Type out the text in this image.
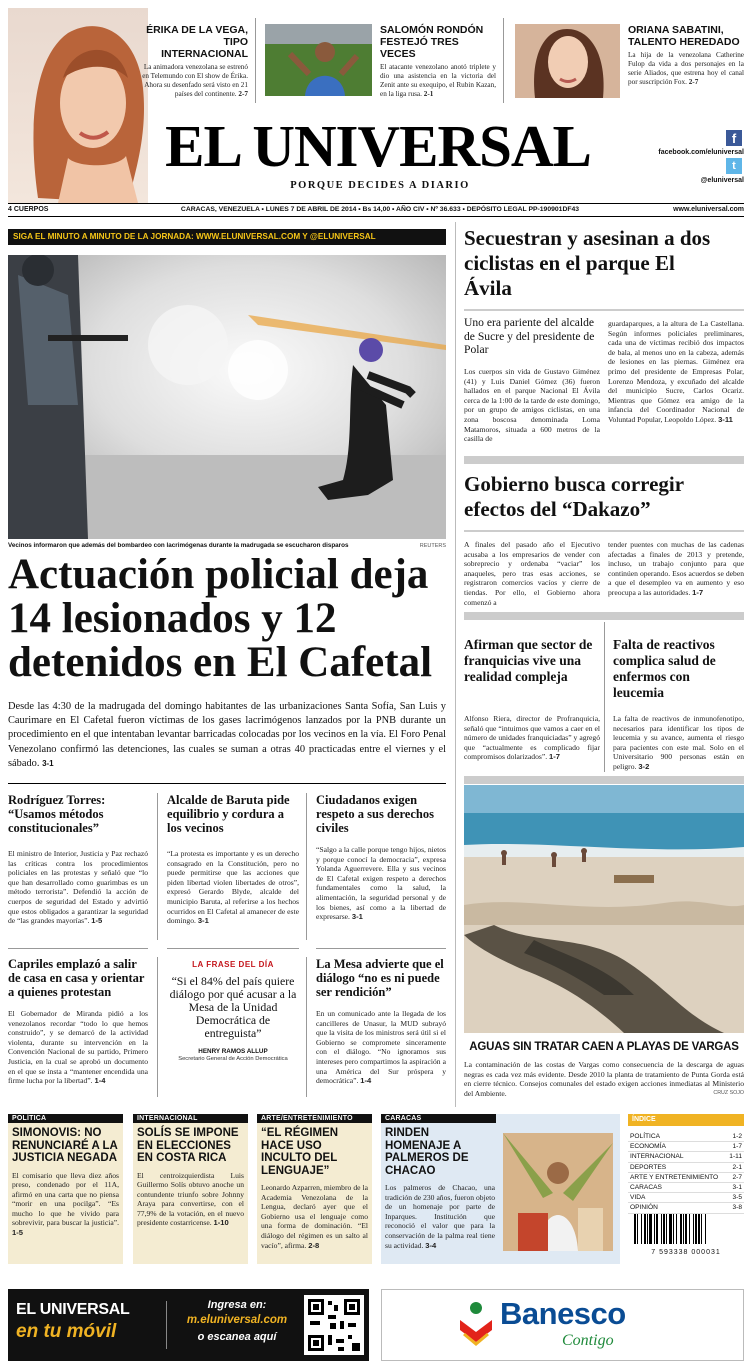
ÉRIKA DE LA VEGA, TIPO INTERNACIONAL
La animadora venezolana se estrenó en Telemundo con El show de Érika. Ahora su desenfado será visto en 21 países del continente. 2-7
SALOMÓN RONDÓN FESTEJÓ TRES VECES
El atacante venezolano anotó triplete y dio una asistencia en la victoria del Zenit ante su exequipo, el Rubin Kazan, en la liga rusa. 2-1
ORIANA SABATINI, TALENTO HEREDADO
La hija de la venezolana Catherine Fulop da vida a dos personajes en la serie Aliados, que estrena hoy el canal por suscripción Fox. 2-7
EL UNIVERSAL
PORQUE DECIDES A DIARIO
f
facebook.com/eluniversal
t
@eluniversal
4 CUERPOS	CARACAS, VENEZUELA • LUNES 7 DE ABRIL DE 2014 • Bs 14,00 • AÑO CIV • Nº 36.633 • DEPÓSITO LEGAL PP-190901DF43	www.eluniversal.com
SIGA EL MINUTO A MINUTO DE LA JORNADA: WWW.ELUNIVERSAL.COM Y @ELUNIVERSAL
Vecinos informaron que además del bombardeo con lacrimógenas durante la madrugada se escucharon disparos	REUTERS
Actuación policial deja 14 lesionados y 12 detenidos en El Cafetal
Desde las 4:30 de la madrugada del domingo habitantes de las urbanizaciones Santa Sofía, San Luis y Caurimare en El Cafetal fueron víctimas de los gases lacrimógenos lanzados por la PNB durante un procedimiento en el que intentaban levantar barricadas colocadas por los vecinos en la vía. El Foro Penal Venezolano confirmó las detenciones, las cuales se suman a otras 40 practicadas entre el viernes y el sábado. 3-1
Rodríguez Torres: “Usamos métodos constitucionales”
El ministro de Interior, Justicia y Paz rechazó las críticas contra los procedimientos policiales en las protestas y señaló que “lo que han desarrollado como guarimbas es un método terrorista”. Defendió la acción de cuerpos de seguridad del Estado y advirtió que estos obligados a garantizar la seguridad de “las grandes mayorías”. 1-5
Alcalde de Baruta pide equilibrio y cordura a los vecinos
“La protesta es importante y es un derecho consagrado en la Constitución, pero no puede permitirse que las acciones que piden libertad violen libertades de otros”, expresó Gerardo Blyde, alcalde del municipio Baruta, al referirse a los hechos ocurridos en El Cafetal al amanecer de este domingo. 3-1
Ciudadanos exigen respeto a sus derechos civiles
“Salgo a la calle porque tengo hijos, nietos y porque conocí la democracia”, expresa Yolanda Aguerrevere. Ella y sus vecinos de El Cafetal exigen respeto a derechos fundamentales como la salud, la alimentación, la seguridad personal y de los bienes, así como a la libertad de expresarse. 3-1
Capriles emplazó a salir de casa en casa y orientar a quienes protestan
El Gobernador de Miranda pidió a los venezolanos recordar “todo lo que hemos construido”, y se demarcó de la actividad violenta, durante su intervención en la Convención Nacional de su partido, Primero Justicia, en la cual se aprobó un documento en el que se insta a “mantener encendida una firme lucha por la libertad”. 1-4
LA FRASE DEL DÍA
“Si el 84% del país quiere diálogo por qué acusar a la Mesa de la Unidad Democrática de entreguista”
HENRY RAMOS ALLUP
Secretario General de Acción Democrática
La Mesa advierte que el diálogo “no es ni puede ser rendición”
En un comunicado ante la llegada de los cancilleres de Unasur, la MUD subrayó que la visita de los ministros será útil si el Gobierno se compromete sinceramente con el diálogo. “No ignoramos sus intereses pero compartimos la aspiración a una América del Sur próspera y democrática”. 1-4
Secuestran y asesinan a dos ciclistas en el parque El Ávila
Uno era pariente del alcalde de Sucre y del presidente de Polar
Los cuerpos sin vida de Gustavo Giménez (41) y Luis Daniel Gómez (36) fueron hallados en el parque Nacional El Ávila cerca de la 1:00 de la tarde de este domingo, por un grupo de amigos ciclistas, en una zona boscosa denominada Loma Matamoros, situada a 600 metros de la casilla de
guardaparques, a la altura de La Castellana. Según informes policiales preliminares, cada una de víctimas recibió dos impactos de bala, al menos uno en la cabeza, además de lesiones en las piernas. Giménez era primo del presidente de Empresas Polar, Lorenzo Mendoza, y excuñado del alcalde del municipio Sucre, Carlos Ocariz. Mientras que Gómez era amigo de la infancia del Coordinador Nacional de Voluntad Popular, Leopoldo López. 3-11
Gobierno busca corregir efectos del “Dakazo”
A finales del pasado año el Ejecutivo acusaba a los empresarios de vender con sobreprecio y ordenaba “vaciar” los anaqueles, pero tras esas acciones, se registraron comercios vacíos y cierre de tiendas. Por ello, el Gobierno ahora comenzó a
tender puentes con muchas de las cadenas afectadas a finales de 2013 y pretende, incluso, un trabajo conjunto para que continúen operando. Esos acuerdos se deben a que el desempleo va en aumento y eso preocupa a las autoridades. 1-7
Afirman que sector de franquicias vive una realidad compleja
Alfonso Riera, director de Profranquicia, señaló que “intuimos que vamos a caer en el número de unidades franquiciadas” y agregó que “actualmente es complicado fijar compromisos dolarizados”. 1-7
Falta de reactivos complica salud de enfermos con leucemia
La falta de reactivos de inmunofenotipo, necesarios para identificar los tipos de leucemia y su avance, aumenta el riesgo para pacientes con este mal. Solo en el Universitario 900 personas están en peligro. 3-2
AGUAS SIN TRATAR CAEN A PLAYAS DE VARGAS
La contaminación de las costas de Vargas como consecuencia de la descarga de aguas negras es cada vez más evidente. Desde 2010 la planta de tratamiento de Punta Gorda está en cierre técnico. Consejos comunales del estado exigen acciones inmediatas al Ministerio del Ambiente.	CRUZ SOJO
POLÍTICA
SIMONOVIS: NO RENUNCIARÉ A LA JUSTICIA NEGADA
El comisario que lleva diez años preso, condenado por el 11A, afirmó en una carta que no piensa “morir en una pocilga”. “Es mucho lo que he vivido para sobrevivir, para buscar la justicia”. 1-5
INTERNACIONAL
SOLÍS SE IMPONE EN ELECCIONES EN COSTA RICA
El centroizquierdista Luis Guillermo Solís obtuvo anoche un contundente triunfo sobre Johnny Araya para convertirse, con el 77,9% de la votación, en el nuevo presidente costarricense. 1-10
ARTE/ENTRETENIMIENTO
“EL RÉGIMEN HACE USO INCULTO DEL LENGUAJE”
Leonardo Azparren, miembro de la Academia Venezolana de la Lengua, declaró ayer que el Gobierno usa el lenguaje como una forma de dominación. “El diálogo del régimen es un salto al vacío”, afirma. 2-8
CARACAS
RINDEN HOMENAJE A PALMEROS DE CHACAO
Los palmeros de Chacao, una tradición de 230 años, fueron objeto de un homenaje por parte de Inparques. Institución que reconoció el valor que para la conservación de la palma real tiene su actividad. 3-4
ÍNDICE
POLÍTICA	1-2
ECONOMÍA	1-7
INTERNACIONAL	1-11
DEPORTES	2-1
ARTE Y ENTRETENIMIENTO 2-7
CARACAS	3-1
VIDA	3-5
OPINIÓN	3-8
7 593338 000031
EL UNIVERSAL
en tu móvil
Ingresa en:
m.eluniversal.com
o escanea aquí
Banesco
Contigo
